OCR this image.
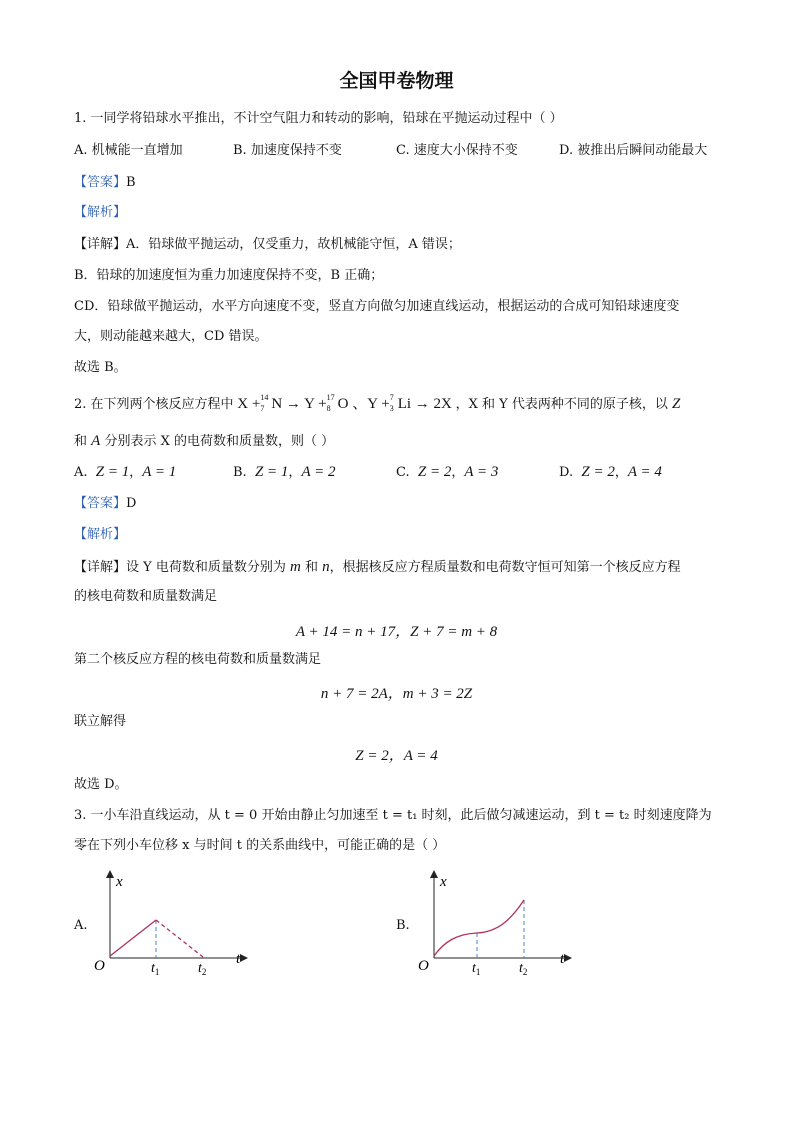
全国甲卷物理
1. 一同学将铅球水平推出，不计空气阻力和转动的影响，铅球在平抛运动过程中（ ）
A. 机械能一直增加	B. 加速度保持不变	C. 速度大小保持不变	D. 被推出后瞬间动能最大
【答案】B
【解析】
【详解】A．铅球做平抛运动，仅受重力，故机械能守恒，A 错误；
B．铅球的加速度恒为重力加速度保持不变，B 正确；
CD．铅球做平抛运动，水平方向速度不变，竖直方向做匀加速直线运动，根据运动的合成可知铅球速度变
大，则动能越来越大，CD 错误。
故选 B。
2. 在下列两个核反应方程中 X + 14
7 N → Y + 17
8 O 、Y + 7
3 Li → 2X ，X 和 Y 代表两种不同的原子核，以 Z
和 A 分别表示 X 的电荷数和质量数，则（ ）
A. Z = 1，A = 1	B. Z = 1，A = 2	C. Z = 2，A = 3	D. Z = 2，A = 4
【答案】D
【解析】
【详解】设 Y 电荷数和质量数分别为 m 和 n，根据核反应方程质量数和电荷数守恒可知第一个核反应方程
的核电荷数和质量数满足
A + 14 = n + 17，Z + 7 = m + 8
第二个核反应方程的核电荷数和质量数满足
n + 7 = 2A，m + 3 = 2Z
联立解得
Z = 2，A = 4
故选 D。
3. 一小车沿直线运动，从 t = 0 开始由静止匀加速至 t = t₁ 时刻，此后做匀减速运动，到 t = t₂ 时刻速度降为
零在下列小车位移 x 与时间 t 的关系曲线中，可能正确的是（ ）
A.
x
t
O	$t_1$	$t_2$
B.
x
t
O	$t_1$	$t_2$
